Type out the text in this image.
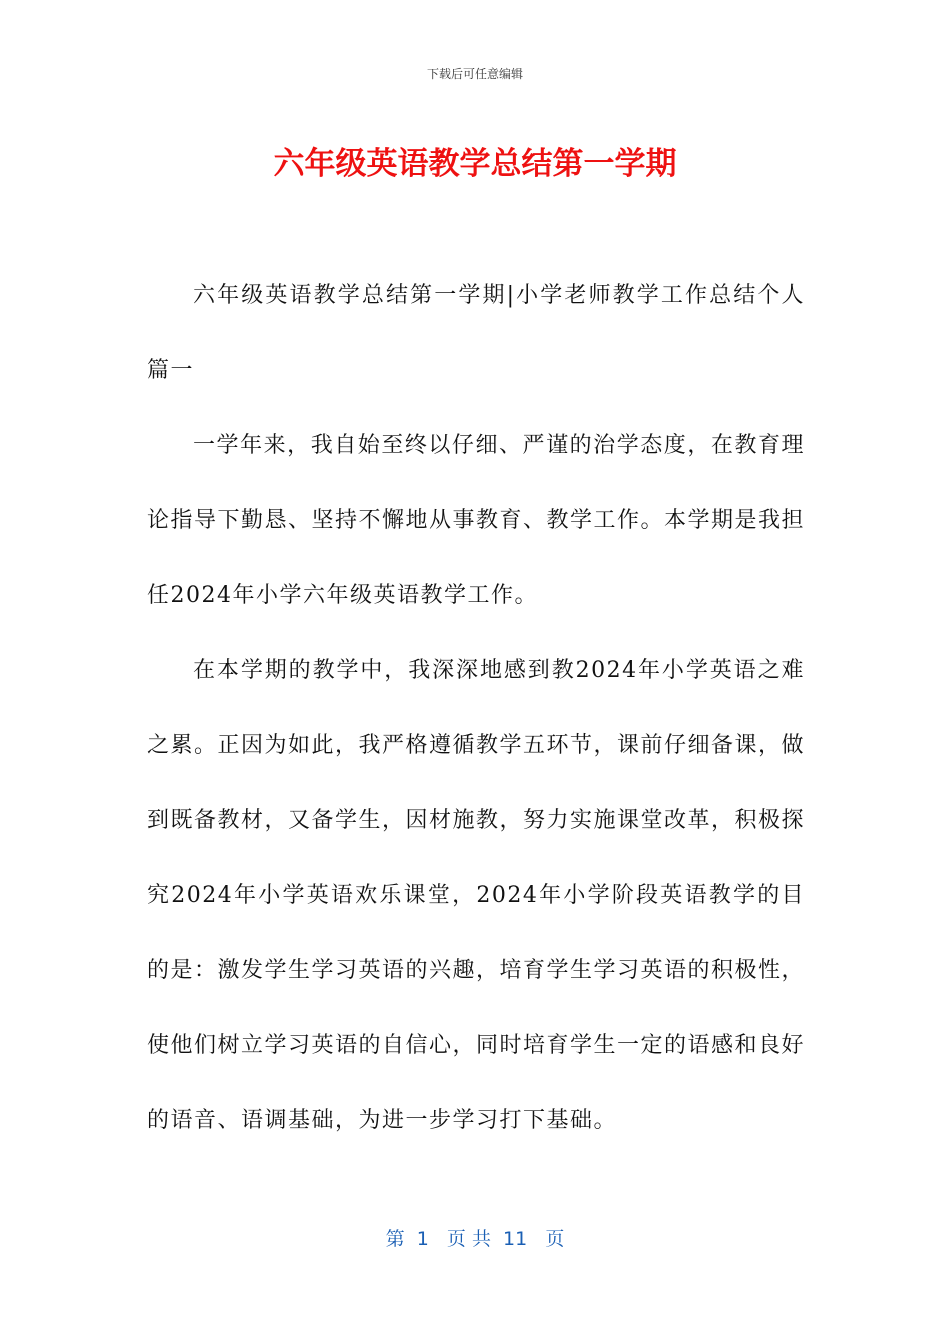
下载后可任意编辑
六年级英语教学总结第一学期

六年级英语教学总结第一学期|小学老师教学工作总结个人篇一

一学年来，我自始至终以仔细、严谨的治学态度，在教育理论指导下勤恳、坚持不懈地从事教育、教学工作。本学期是我担任2024年小学六年级英语教学工作。

在本学期的教学中，我深深地感到教2024年小学英语之难之累。正因为如此，我严格遵循教学五环节，课前仔细备课，做到既备教材，又备学生，因材施教，努力实施课堂改革，积极探究2024年小学英语欢乐课堂，2024年小学阶段英语教学的目的是：激发学生学习英语的兴趣，培育学生学习英语的积极性，使他们树立学习英语的自信心，同时培育学生一定的语感和良好的语音、语调基础，为进一步学习打下基础。

第  1   页 共  11   页
